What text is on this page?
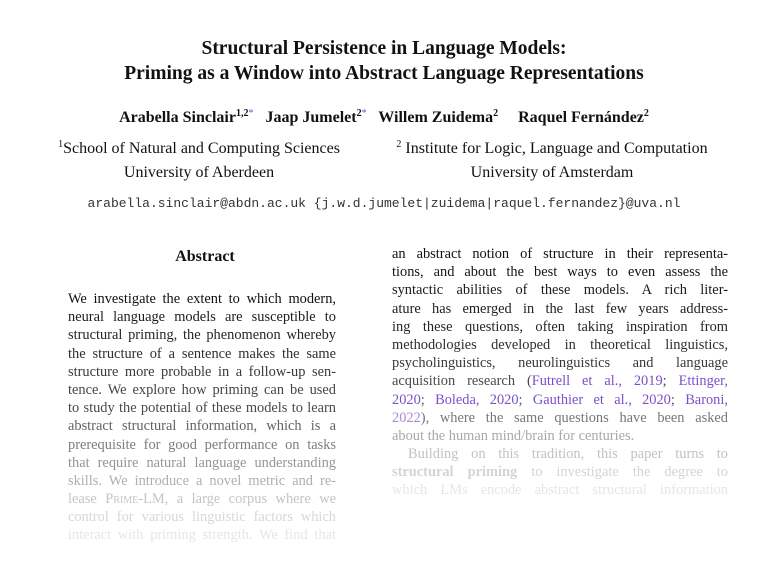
Structural Persistence in Language Models:
Priming as a Window into Abstract Language Representations
Arabella Sinclair$^{1,2*}$ Jaap Jumelet$^{2*}$ Willem Zuidema$^2$ Raquel Fernández$^2$
$^1$School of Natural and Computing Sciences
University of Aberdeen
$^2$ Institute for Logic, Language and Computation
University of Amsterdam
arabella.sinclair@abdn.ac.uk {j.w.d.jumelet|zuidema|raquel.fernandez}@uva.nl
Abstract
We investigate the extent to which modern,
neural language models are susceptible to
structural priming, the phenomenon whereby
the structure of a sentence makes the same
structure more probable in a follow-up sen-
tence. We explore how priming can be used
to study the potential of these models to learn
abstract structural information, which is a
prerequisite for good performance on tasks
that require natural language understanding
skills. We introduce a novel metric and re-
lease Prime-LM, a large corpus where we
control for various linguistic factors which
interact with priming strength. We find that
an abstract notion of structure in their representa-
tions, and about the best ways to even assess the
syntactic abilities of these models. A rich liter-
ature has emerged in the last few years address-
ing these questions, often taking inspiration from
methodologies developed in theoretical linguistics,
psycholinguistics, neurolinguistics and language
acquisition research (Futrell et al., 2019; Ettinger,
2020; Boleda, 2020; Gauthier et al., 2020; Baroni,
2022), where the same questions have been asked
about the human mind/brain for centuries.
Building on this tradition, this paper turns to
structural priming to investigate the degree to
which LMs encode abstract structural information
